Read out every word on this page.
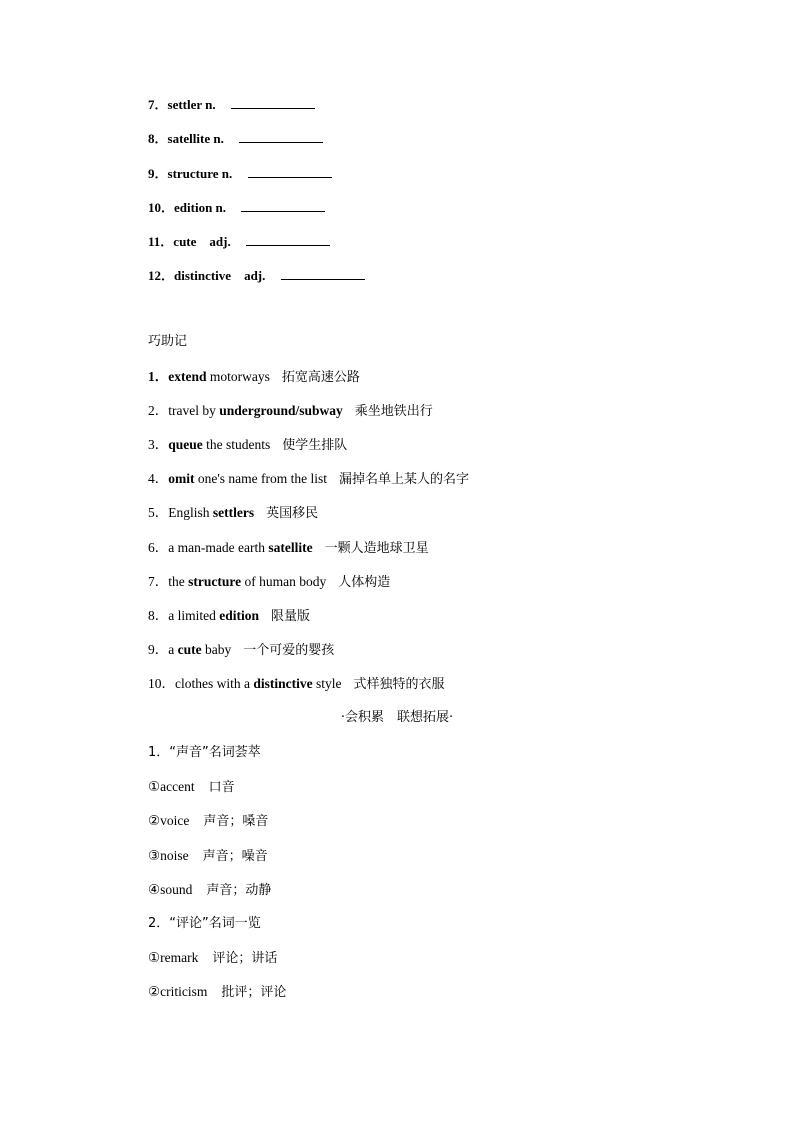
7．settler n.
8．satellite n.
9．structure n.
10．edition n.
11．cute　adj.
12．distinctive　adj.
巧助记
1．extend motorways 拓宽高速公路
2．travel by underground/subway 乘坐地铁出行
3．queue the students 使学生排队
4．omit one's name from the list 漏掉名单上某人的名字
5．English settlers 英国移民
6．a man-made earth satellite 一颗人造地球卫星
7．the structure of human body 人体构造
8．a limited edition 限量版
9．a cute baby 一个可爱的婴孩
10．clothes with a distinctive style 式样独特的衣服
·会积累　联想拓展·
1．“声音”名词荟萃
①accent 口音
②voice 声音；嗓音
③noise 声音；噪音
④sound 声音；动静
2．“评论”名词一览
①remark 评论；讲话
②criticism 批评；评论
